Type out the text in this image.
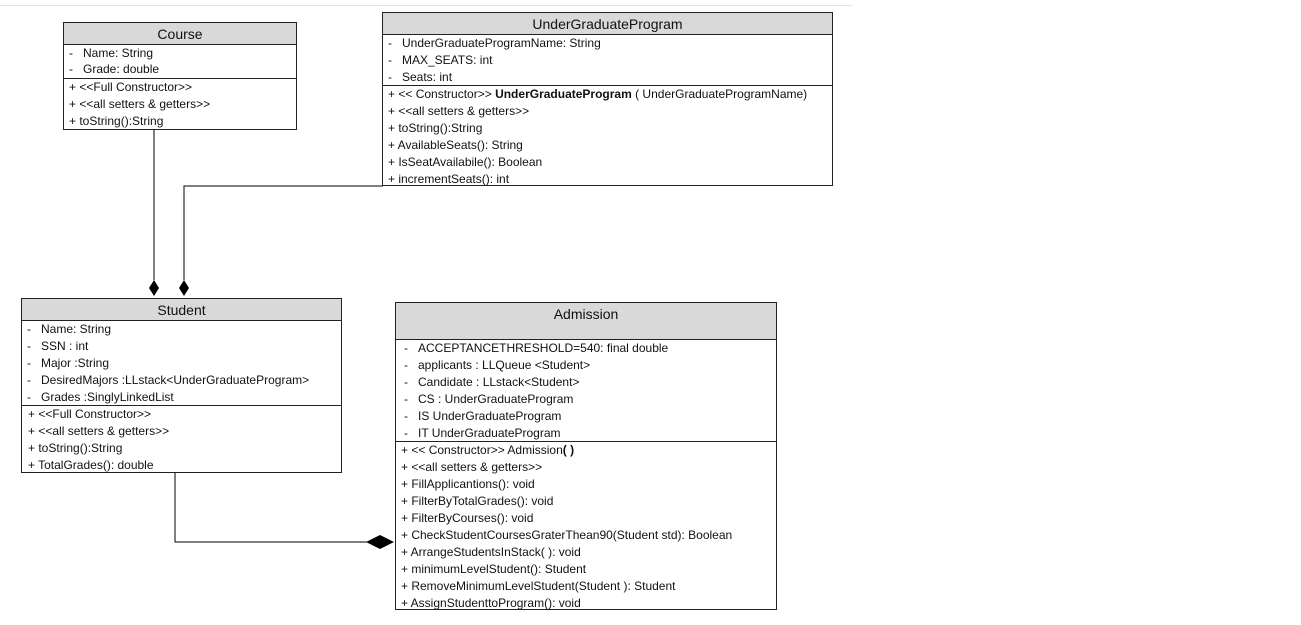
Course
- Name: String
- Grade: double
+ <<Full Constructor>>
+ <<all setters & getters>>
+ toString():String
UnderGraduateProgram
- UnderGraduateProgramName: String
- MAX_SEATS: int
- Seats: int
+ << Constructor>> UnderGraduateProgram ( UnderGraduateProgramName)
+ <<all setters & getters>>
+ toString():String
+ AvailableSeats(): String
+ IsSeatAvailabile(): Boolean
+ incrementSeats(): int
Student
- Name: String
- SSN : int
- Major :String
- DesiredMajors :LLstack<UnderGraduateProgram>
- Grades :SinglyLinkedList
+ <<Full Constructor>>
+ <<all setters & getters>>
+ toString():String
+ TotalGrades(): double
Admission
- ACCEPTANCETHRESHOLD=540: final double
- applicants : LLQueue <Student>
- Candidate : LLstack<Student>
- CS : UnderGraduateProgram
- IS UnderGraduateProgram
- IT UnderGraduateProgram
+ << Constructor>> Admission( )
+ <<all setters & getters>>
+ FillApplicantions(): void
+ FilterByTotalGrades(): void
+ FilterByCourses(): void
+ CheckStudentCoursesGraterThean90(Student std): Boolean
+ ArrangeStudentsInStack( ): void
+ minimumLevelStudent(): Student
+ RemoveMinimumLevelStudent(Student ): Student
+ AssignStudenttoProgram(): void
